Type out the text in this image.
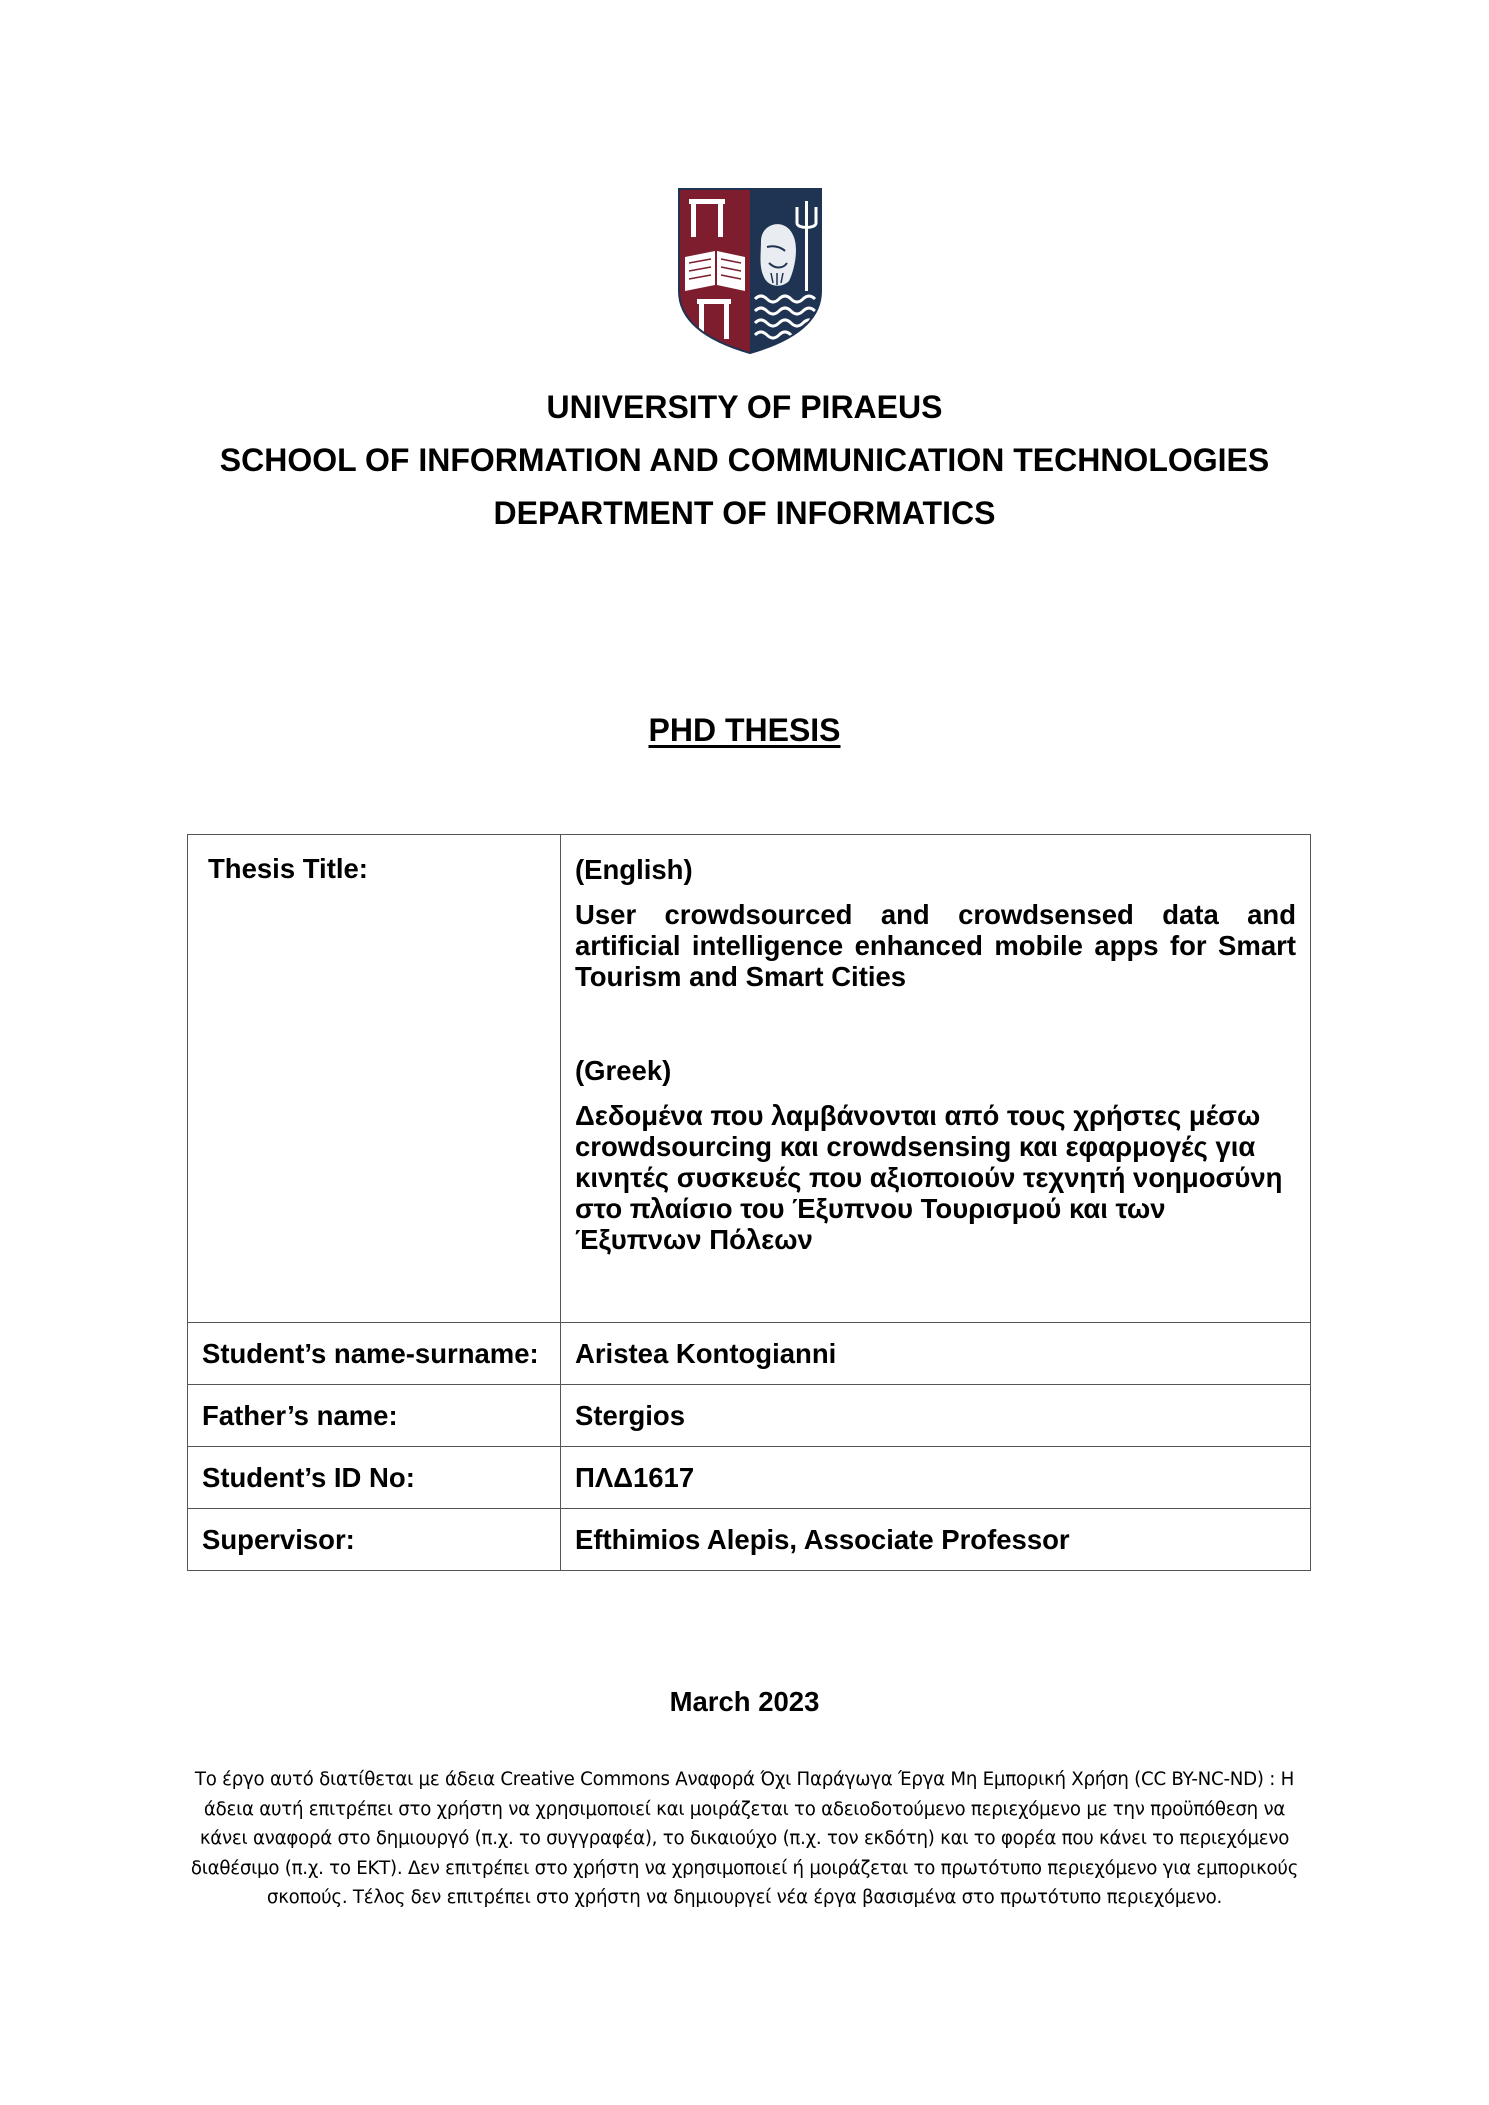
UNIVERSITY OF PIRAEUS
SCHOOL OF INFORMATION AND COMMUNICATION TECHNOLOGIES
DEPARTMENT OF INFORMATICS
PHD THESIS
Thesis Title:	(English)
User crowdsourced and crowdsensed data and artificial intelligence enhanced mobile apps for Smart Tourism and Smart Cities
(Greek)
Δεδομένα που λαμβάνονται από τους χρήστες μέσω crowdsourcing και crowdsensing και εφαρμογές για κινητές συσκευές που αξιοποιούν τεχνητή νοημοσύνη στο πλαίσιο του Έξυπνου Τουρισμού και των Έξυπνων Πόλεων

Student’s name-surname:	Aristea Kontogianni

Father’s name:	Stergios

Student’s ID No:	ΠΛΔ1617

Supervisor:	Efthimios Alepis, Associate Professor
March 2023
Το έργο αυτό διατίθεται με άδεια Creative Commons Αναφορά Όχι Παράγωγα Έργα Μη Εμπορική Χρήση (CC BY-NC-ND) : Η
άδεια αυτή επιτρέπει στο χρήστη να χρησιμοποιεί και μοιράζεται το αδειοδοτούμενο περιεχόμενο με την προϋπόθεση να
κάνει αναφορά στο δημιουργό (π.χ. το συγγραφέα), το δικαιούχο (π.χ. τον εκδότη) και το φορέα που κάνει το περιεχόμενο
διαθέσιμο (π.χ. το ΕΚΤ). Δεν επιτρέπει στο χρήστη να χρησιμοποιεί ή μοιράζεται το πρωτότυπο περιεχόμενο για εμπορικούς
σκοπούς. Τέλος δεν επιτρέπει στο χρήστη να δημιουργεί νέα έργα βασισμένα στο πρωτότυπο περιεχόμενο.
